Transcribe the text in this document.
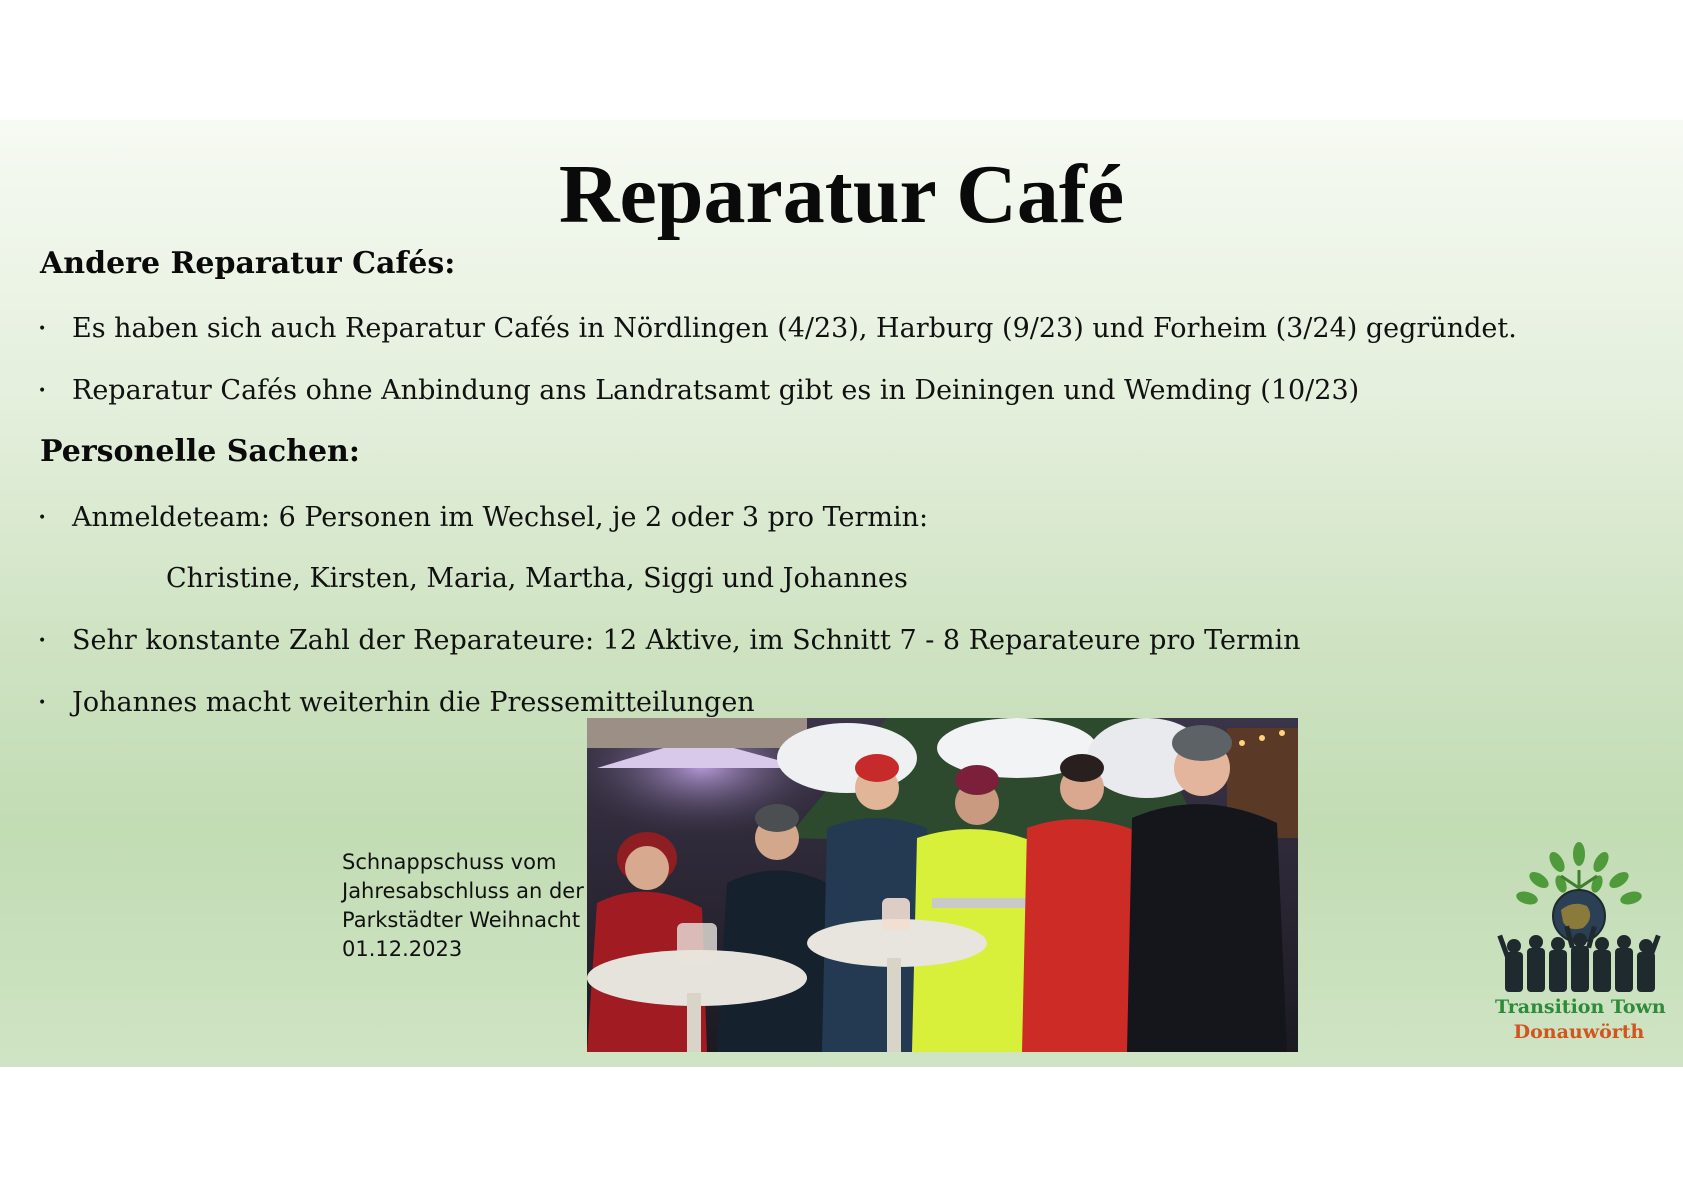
Reparatur Café
Andere Reparatur Cafés:
• Es haben sich auch Reparatur Cafés in Nördlingen (4/23), Harburg (9/23) und Forheim (3/24) gegründet.
• Reparatur Cafés ohne Anbindung ans Landratsamt gibt es in Deiningen und Wemding (10/23)
Personelle Sachen:
• Anmeldeteam: 6 Personen im Wechsel, je 2 oder 3 pro Termin:
Christine, Kirsten, Maria, Martha, Siggi und Johannes
• Sehr konstante Zahl der Reparateure: 12 Aktive, im Schnitt 7 - 8 Reparateure pro Termin
• Johannes macht weiterhin die Pressemitteilungen
Schnappschuss vom
Jahresabschluss an der
Parkstädter Weihnacht
01.12.2023
Transition Town
Donauwörth
